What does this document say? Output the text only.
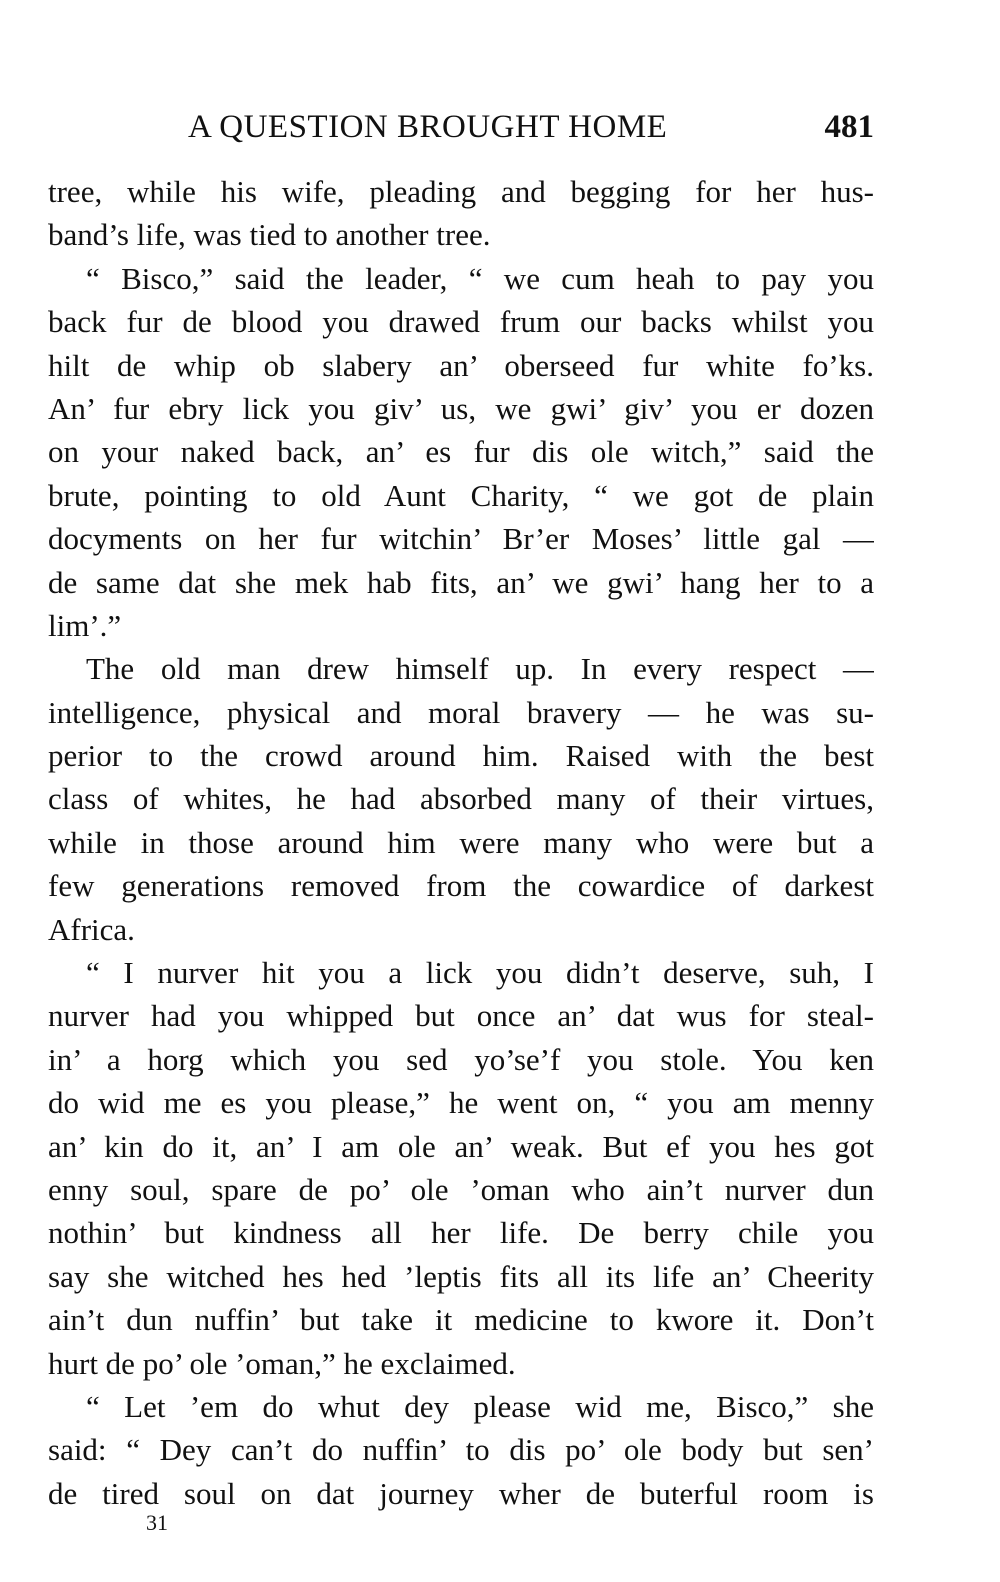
A QUESTION BROUGHT HOME	481
tree, while his wife, pleading and begging for her hus-
band’s life, was tied to another tree.
“ Bisco,” said the leader, “ we cum heah to pay you
back fur de blood you drawed frum our backs whilst you
hilt de whip ob slabery an’ oberseed fur white fo’ks.
An’ fur ebry lick you giv’ us, we gwi’ giv’ you er dozen
on your naked back, an’ es fur dis ole witch,” said the
brute, pointing to old Aunt Charity, “ we got de plain
docyments on her fur witchin’ Br’er Moses’ little gal —
de same dat she mek hab fits, an’ we gwi’ hang her to a
lim’.”
The old man drew himself up. In every respect —
intelligence, physical and moral bravery — he was su-
perior to the crowd around him. Raised with the best
class of whites, he had absorbed many of their virtues,
while in those around him were many who were but a
few generations removed from the cowardice of darkest
Africa.
“ I nurver hit you a lick you didn’t deserve, suh, I
nurver had you whipped but once an’ dat wus for steal-
in’ a horg which you sed yo’se’f you stole. You ken
do wid me es you please,” he went on, “ you am menny
an’ kin do it, an’ I am ole an’ weak. But ef you hes got
enny soul, spare de po’ ole ’oman who ain’t nurver dun
nothin’ but kindness all her life. De berry chile you
say she witched hes hed ’leptis fits all its life an’ Cheerity
ain’t dun nuffin’ but take it medicine to kwore it. Don’t
hurt de po’ ole ’oman,” he exclaimed.
“ Let ’em do whut dey please wid me, Bisco,” she
said: “ Dey can’t do nuffin’ to dis po’ ole body but sen’
de tired soul on dat journey wher de buterful room is
31
